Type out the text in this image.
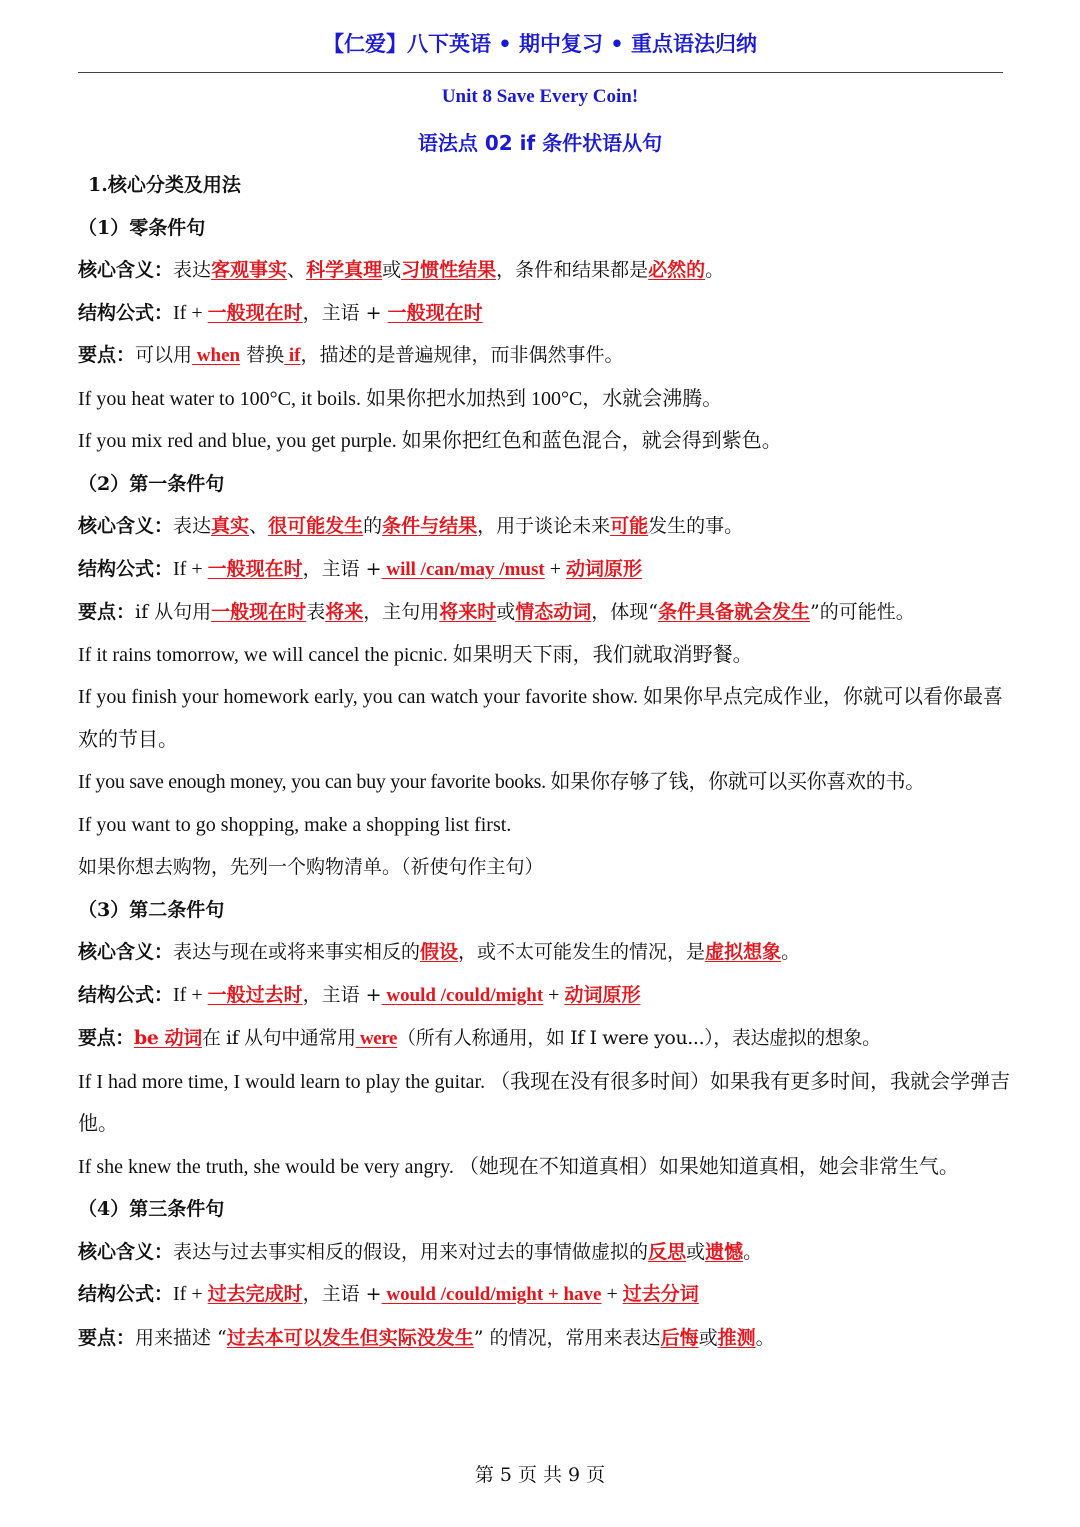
【仁爱】八下英语 • 期中复习 • 重点语法归纳
Unit 8 Save Every Coin!
语法点 02 if 条件状语从句
1.核心分类及用法
（1）零条件句
核心含义：表达客观事实、科学真理或习惯性结果，条件和结果都是必然的。
结构公式：If + 一般现在时，主语 + 一般现在时
要点：可以用 when 替换 if，描述的是普遍规律，而非偶然事件。
If you heat water to 100°C, it boils. 如果你把水加热到 100°C，水就会沸腾。
If you mix red and blue, you get purple. 如果你把红色和蓝色混合，就会得到紫色。
（2）第一条件句
核心含义：表达真实、很可能发生的条件与结果，用于谈论未来可能发生的事。
结构公式：If + 一般现在时，主语 + will /can/may /must + 动词原形
要点：if 从句用一般现在时表将来，主句用将来时或情态动词，体现“条件具备就会发生”的可能性。
If it rains tomorrow, we will cancel the picnic. 如果明天下雨，我们就取消野餐。
If you finish your homework early, you can watch your favorite show. 如果你早点完成作业，你就可以看你最喜欢的节目。
If you save enough money, you can buy your favorite books. 如果你存够了钱，你就可以买你喜欢的书。
If you want to go shopping, make a shopping list first.
如果你想去购物，先列一个购物清单。（祈使句作主句）
（3）第二条件句
核心含义：表达与现在或将来事实相反的假设，或不太可能发生的情况，是虚拟想象。
结构公式：If + 一般过去时，主语 + would /could/might + 动词原形
要点：be 动词在 if 从句中通常用 were（所有人称通用，如 If I were you...），表达虚拟的想象。
If I had more time, I would learn to play the guitar. （我现在没有很多时间）如果我有更多时间，我就会学弹吉他。
If she knew the truth, she would be very angry. （她现在不知道真相）如果她知道真相，她会非常生气。
（4）第三条件句
核心含义：表达与过去事实相反的假设，用来对过去的事情做虚拟的反思或遗憾。
结构公式：If + 过去完成时，主语 + would /could/might + have + 过去分词
要点：用来描述 “过去本可以发生但实际没发生” 的情况，常用来表达后悔或推测。
第 5 页 共 9 页
